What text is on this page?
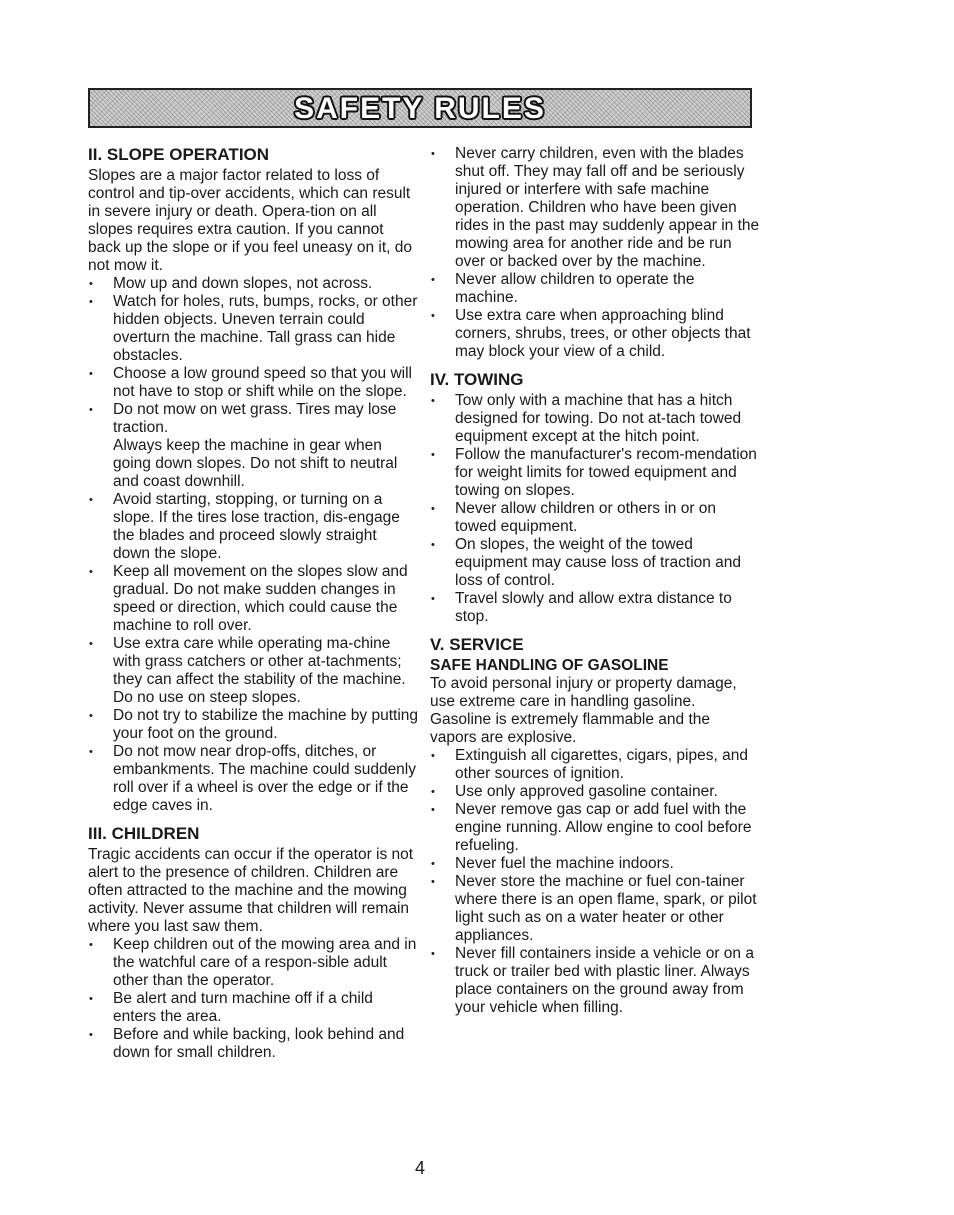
SAFETY RULES
II. SLOPE OPERATION

Slopes are a major factor related to loss of control and tip-over accidents, which can result in severe injury or death. Opera-tion on all slopes requires extra caution. If you cannot back up the slope or if you feel uneasy on it, do not mow it.

• Mow up and down slopes, not across.
• Watch for holes, ruts, bumps, rocks, or other hidden objects. Uneven terrain could overturn the machine. Tall grass can hide obstacles.
• Choose a low ground speed so that you will not have to stop or shift while on the slope.
• Do not mow on wet grass. Tires may lose traction.
Always keep the machine in gear when going down slopes. Do not shift to neutral and coast downhill.
• Avoid starting, stopping, or turning on a slope. If the tires lose traction, dis-engage the blades and proceed slowly straight down the slope.
• Keep all movement on the slopes slow and gradual. Do not make sudden changes in speed or direction, which could cause the machine to roll over.
• Use extra care while operating ma-chine with grass catchers or other at-tachments; they can affect the stability of the machine. Do no use on steep slopes.
• Do not try to stabilize the machine by putting your foot on the ground.
• Do not mow near drop-offs, ditches, or embankments. The machine could suddenly roll over if a wheel is over the edge or if the edge caves in.
III. CHILDREN

Tragic accidents can occur if the operator is not alert to the presence of children. Children are often attracted to the machine and the mowing activity. Never assume that children will remain where you last saw them.

• Keep children out of the mowing area and in the watchful care of a respon-sible adult other than the operator.
• Be alert and turn machine off if a child enters the area.
• Before and while backing, look behind and down for small children.
• Never carry children, even with the blades shut off. They may fall off and be seriously injured or interfere with safe machine operation. Children who have been given rides in the past may suddenly appear in the mowing area for another ride and be run over or backed over by the machine.
• Never allow children to operate the machine.
• Use extra care when approaching blind corners, shrubs, trees, or other objects that may block your view of a child.
IV. TOWING
• Tow only with a machine that has a hitch designed for towing. Do not at-tach towed equipment except at the hitch point.
• Follow the manufacturer's recom-mendation for weight limits for towed equipment and towing on slopes.
• Never allow children or others in or on towed equipment.
• On slopes, the weight of the towed equipment may cause loss of traction and loss of control.
• Travel slowly and allow extra distance to stop.
V. SERVICE
SAFE HANDLING OF GASOLINE

To avoid personal injury or property damage, use extreme care in handling gasoline. Gasoline is extremely flammable and the vapors are explosive.

• Extinguish all cigarettes, cigars, pipes, and other sources of ignition.
• Use only approved gasoline container.
• Never remove gas cap or add fuel with the engine running. Allow engine to cool before refueling.
• Never fuel the machine indoors.
• Never store the machine or fuel con-tainer where there is an open flame, spark, or pilot light such as on a water heater or other appliances.
• Never fill containers inside a vehicle or on a truck or trailer bed with plastic liner. Always place containers on the ground away from your vehicle when filling.
4
